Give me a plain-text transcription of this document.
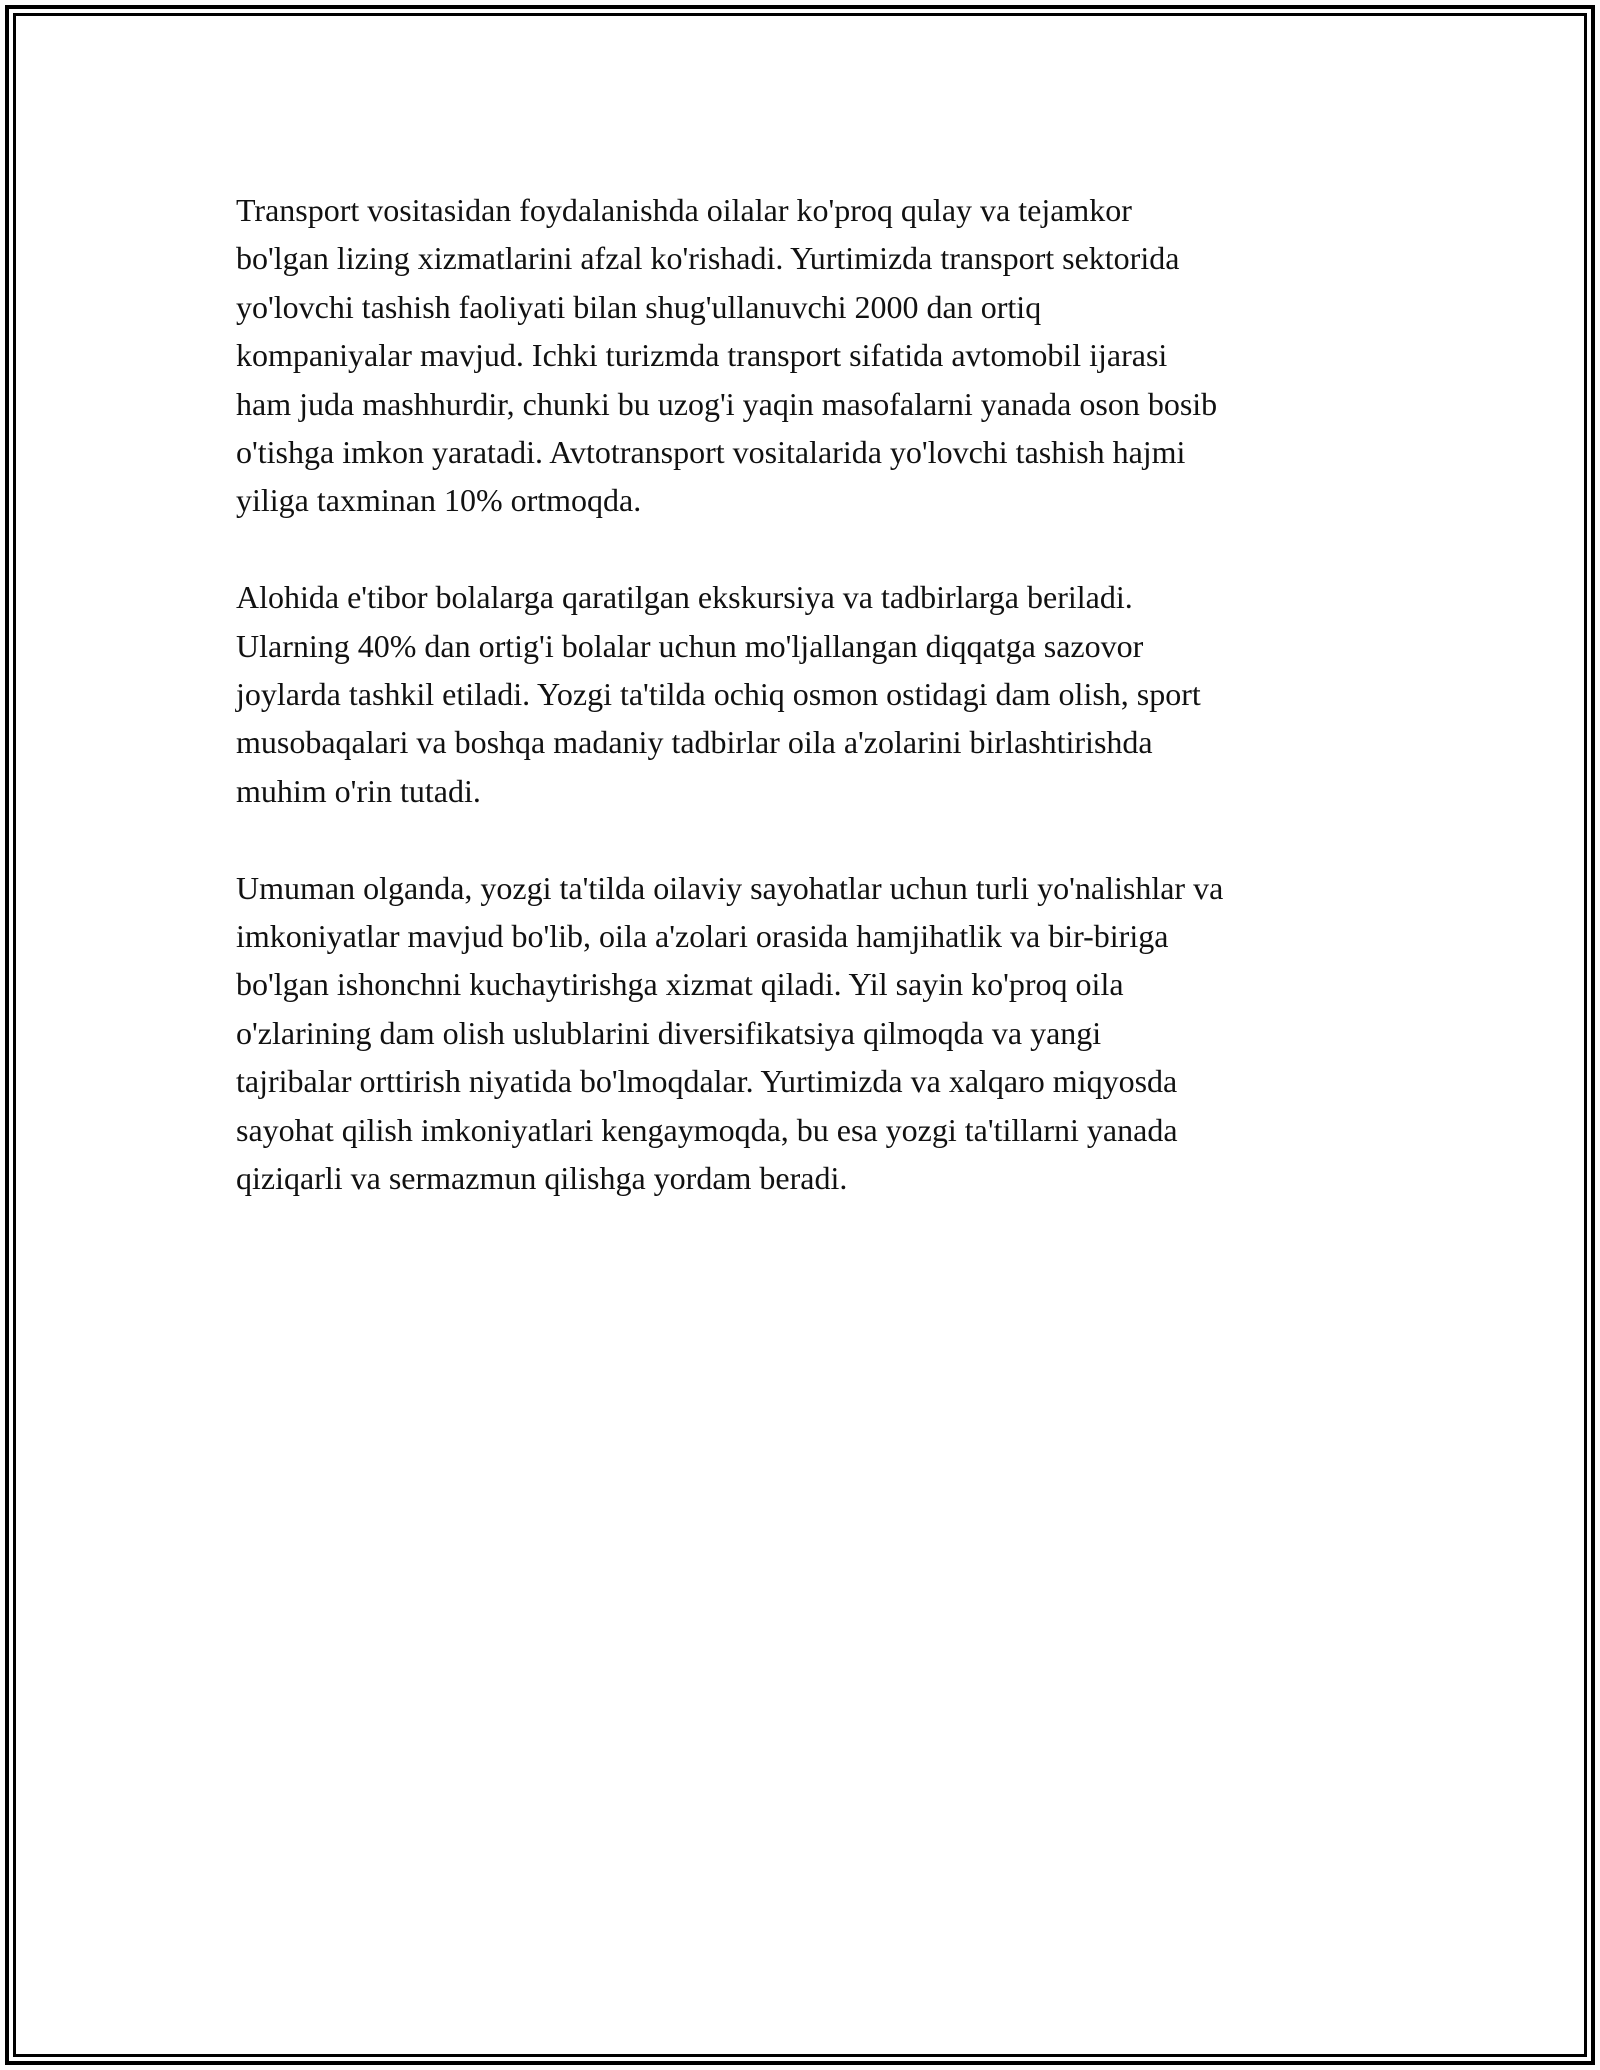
Transport vositasidan foydalanishda oilalar ko'proq qulay va tejamkor
bo'lgan lizing xizmatlarini afzal ko'rishadi. Yurtimizda transport sektorida
yo'lovchi tashish faoliyati bilan shug'ullanuvchi 2000 dan ortiq
kompaniyalar mavjud. Ichki turizmda transport sifatida avtomobil ijarasi
ham juda mashhurdir, chunki bu uzog'i yaqin masofalarni yanada oson bosib
o'tishga imkon yaratadi. Avtotransport vositalarida yo'lovchi tashish hajmi
yiliga taxminan 10% ortmoqda.

Alohida e'tibor bolalarga qaratilgan ekskursiya va tadbirlarga beriladi.
Ularning 40% dan ortig'i bolalar uchun mo'ljallangan diqqatga sazovor
joylarda tashkil etiladi. Yozgi ta'tilda ochiq osmon ostidagi dam olish, sport
musobaqalari va boshqa madaniy tadbirlar oila a'zolarini birlashtirishda
muhim o'rin tutadi.

Umuman olganda, yozgi ta'tilda oilaviy sayohatlar uchun turli yo'nalishlar va
imkoniyatlar mavjud bo'lib, oila a'zolari orasida hamjihatlik va bir-biriga
bo'lgan ishonchni kuchaytirishga xizmat qiladi. Yil sayin ko'proq oila
o'zlarining dam olish uslublarini diversifikatsiya qilmoqda va yangi
tajribalar orttirish niyatida bo'lmoqdalar. Yurtimizda va xalqaro miqyosda
sayohat qilish imkoniyatlari kengaymoqda, bu esa yozgi ta'tillarni yanada
qiziqarli va sermazmun qilishga yordam beradi.
